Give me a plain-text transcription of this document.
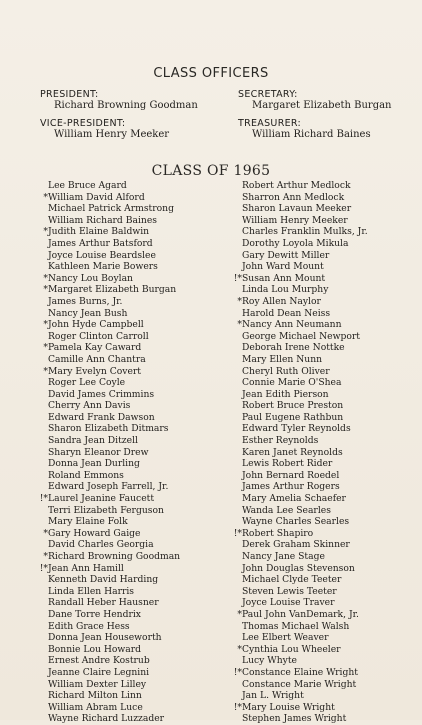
CLASS OFFICERS
PRESIDENT:
Richard Browning Goodman
SECRETARY:
Margaret Elizabeth Burgan
VICE-PRESIDENT:
William Henry Meeker
TREASURER:
William Richard Baines
CLASS OF 1965
Lee Bruce Agard
*William David Alford
Michael Patrick Armstrong
William Richard Baines
*Judith Elaine Baldwin
James Arthur Batsford
Joyce Louise Beardslee
Kathleen Marie Bowers
*Nancy Lou Boylan
*Margaret Elizabeth Burgan
James Burns, Jr.
Nancy Jean Bush
*John Hyde Campbell
Roger Clinton Carroll
*Pamela Kay Caward
Camille Ann Chantra
*Mary Evelyn Covert
Roger Lee Coyle
David James Crimmins
Cherry Ann Davis
Edward Frank Dawson
Sharon Elizabeth Ditmars
Sandra Jean Ditzell
Sharyn Eleanor Drew
Donna Jean Durling
Roland Emmons
Edward Joseph Farrell, Jr.
!*Laurel Jeanine Faucett
Terri Elizabeth Ferguson
Mary Elaine Folk
*Gary Howard Gaige
David Charles Georgia
*Richard Browning Goodman
!*Jean Ann Hamill
Kenneth David Harding
Linda Ellen Harris
Randall Heber Hausner
Dane Torre Hendrix
Edith Grace Hess
Donna Jean Houseworth
Bonnie Lou Howard
Ernest Andre Kostrub
Jeanne Claire Legnini
William Dexter Lilley
Richard Milton Linn
William Abram Luce
Wayne Richard Luzzader
Robert Arthur Medlock
Sharron Ann Medlock
Sharon Lavaun Meeker
William Henry Meeker
Charles Franklin Mulks, Jr.
Dorothy Loyola Mikula
Gary Dewitt Miller
John Ward Mount
!*Susan Ann Mount
Linda Lou Murphy
*Roy Allen Naylor
Harold Dean Neiss
*Nancy Ann Neumann
George Michael Newport
Deborah Irene Nottke
Mary Ellen Nunn
Cheryl Ruth Oliver
Connie Marie O'Shea
Jean Edith Pierson
Robert Bruce Preston
Paul Eugene Rathbun
Edward Tyler Reynolds
Esther Reynolds
Karen Janet Reynolds
Lewis Robert Rider
John Bernard Roedel
James Arthur Rogers
Mary Amelia Schaefer
Wanda Lee Searles
Wayne Charles Searles
!*Robert Shapiro
Derek Graham Skinner
Nancy Jane Stage
John Douglas Stevenson
Michael Clyde Teeter
Steven Lewis Teeter
Joyce Louise Traver
*Paul John VanDemark, Jr.
Thomas Michael Walsh
Lee Elbert Weaver
*Cynthia Lou Wheeler
Lucy Whyte
!*Constance Elaine Wright
Constance Marie Wright
Jan L. Wright
!*Mary Louise Wright
Stephen James Wright
